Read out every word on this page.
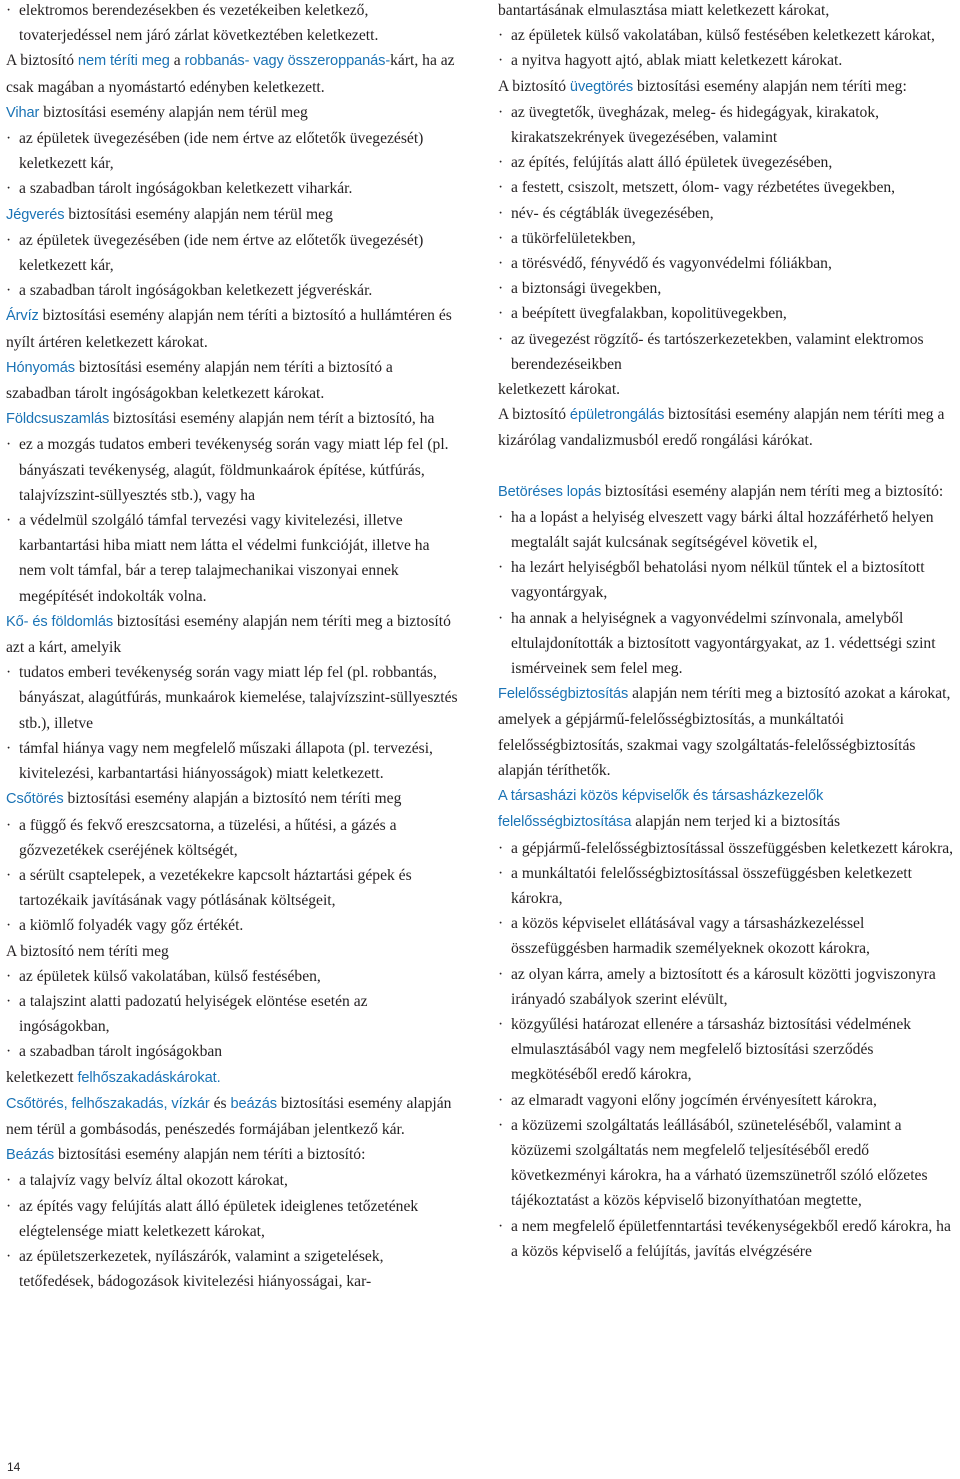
· elektromos berendezésekben és vezetékeiben keletkező, tovaterjedéssel nem járó zárlat következtében keletkezett.
A biztosító nem téríti meg a robbanás- vagy összeroppanás-kárt, ha az csak magában a nyomástartó edényben keletkezett.
Vihar biztosítási esemény alapján nem térül meg
· az épületek üvegezésében (ide nem értve az előtetők üvegezését) keletkezett kár,
· a szabadban tárolt ingóságokban keletkezett viharkár.
Jégverés biztosítási esemény alapján nem térül meg
· az épületek üvegezésében (ide nem értve az előtetők üvegezését) keletkezett kár,
· a szabadban tárolt ingóságokban keletkezett jégveréskár.
Árvíz biztosítási esemény alapján nem téríti a biztosító a hullámtéren és nyílt ártéren keletkezett károkat.
Hónyomás biztosítási esemény alapján nem téríti a biztosító a szabadban tárolt ingóságokban keletkezett károkat.
Földcsuszamlás biztosítási esemény alapján nem térít a biztosító, ha
· ez a mozgás tudatos emberi tevékenység során vagy miatt lép fel (pl. bányászati tevékenység, alagút, földmunkaárok építése, kútfúrás, talajvízszint-süllyesztés stb.), vagy ha
· a védelmül szolgáló támfal tervezési vagy kivitelezési, illetve karbantartási hiba miatt nem látta el védelmi funkcióját, illetve ha nem volt támfal, bár a terep talajmechanikai viszonyai ennek megépítését indokolták volna.
Kő- és földomlás biztosítási esemény alapján nem téríti meg a biztosító azt a kárt, amelyik
· tudatos emberi tevékenység során vagy miatt lép fel (pl. robbantás, bányászat, alagútfúrás, munkaárok kiemelése, talajvízszint-süllyesztés stb.), illetve
· támfal hiánya vagy nem megfelelő műszaki állapota (pl. tervezési, kivitelezési, karbantartási hiányosságok) miatt keletkezett.
Csőtörés biztosítási esemény alapján a biztosító nem téríti meg
· a függő és fekvő ereszcsatorna, a tüzelési, a hűtési, a gázés a gőzvezetékek cseréjének költségét,
· a sérült csaptelepek, a vezetékekre kapcsolt háztartási gépek és tartozékaik javításának vagy pótlásának költségeit,
· a kiömlő folyadék vagy gőz értékét.
A biztosító nem téríti meg
· az épületek külső vakolatában, külső festésében,
· a talajszint alatti padozatú helyiségek elöntése esetén az ingóságokban,
· a szabadban tárolt ingóságokban
keletkezett felhőszakadáskárokat.
Csőtörés, felhőszakadás, vízkár és beázás biztosítási esemény alapján nem térül a gombásodás, penészedés formájában jelentkező kár.
Beázás biztosítási esemény alapján nem téríti a biztosító:
· a talajvíz vagy belvíz által okozott károkat,
· az építés vagy felújítás alatt álló épületek ideiglenes tetőzetének elégtelensége miatt keletkezett károkat,
· az épületszerkezetek, nyílászárók, valamint a szigetelések, tetőfedések, bádogozások kivitelezési hiányosságai, kar-
bantartásának elmulasztása miatt keletkezett károkat,
· az épületek külső vakolatában, külső festésében keletkezett károkat,
· a nyitva hagyott ajtó, ablak miatt keletkezett károkat.
A biztosító üvegtörés biztosítási esemény alapján nem téríti meg:
· az üvegtetők, üvegházak, meleg- és hidegágyak, kirakatok, kirakatszekrények üvegezésében, valamint
· az építés, felújítás alatt álló épületek üvegezésében,
· a festett, csiszolt, metszett, ólom- vagy rézbetétes üvegekben,
· név- és cégtáblák üvegezésében,
· a tükörfelületekben,
· a törésvédő, fényvédő és vagyonvédelmi fóliákban,
· a biztonsági üvegekben,
· a beépített üvegfalakban, kopolitüvegekben,
· az üvegezést rögzítő- és tartószerkezetekben, valamint elektromos berendezéseikben
keletkezett károkat.
A biztosító épületrongálás biztosítási esemény alapján nem téríti meg a kizárólag vandalizmusból eredő rongálási kárókat.
Betöréses lopás biztosítási esemény alapján nem téríti meg a biztosító:
· ha a lopást a helyiség elveszett vagy bárki által hozzáférhető helyen megtalált saját kulcsának segítségével követik el,
· ha lezárt helyiségből behatolási nyom nélkül tűntek el a biztosított vagyontárgyak,
· ha annak a helyiségnek a vagyonvédelmi színvonala, amelyből eltulajdonították a biztosított vagyontárgyakat, az 1. védettségi szint ismérveinek sem felel meg.
Felelősségbiztosítás alapján nem téríti meg a biztosító azokat a károkat, amelyek a gépjármű-felelősségbiztosítás, a munkáltatói felelősségbiztosítás, szakmai vagy szolgáltatás-felelősségbiztosítás alapján téríthetők.
A társasházi közös képviselők és társasházkezelők felelősségbiztosítása alapján nem terjed ki a biztosítás
· a gépjármű-felelősségbiztosítással összefüggésben keletkezett károkra,
· a munkáltatói felelősségbiztosítással összefüggésben keletkezett károkra,
· a közös képviselet ellátásával vagy a társasházkezeléssel összefüggésben harmadik személyeknek okozott károkra,
· az olyan kárra, amely a biztosított és a károsult közötti jogviszonyra irányadó szabályok szerint elévült,
· közgyűlési határozat ellenére a társasház biztosítási védelmének elmulasztásából vagy nem megfelelő biztosítási szerződés megkötéséből eredő károkra,
· az elmaradt vagyoni előny jogcímén érvényesített károkra,
· a közüzemi szolgáltatás leállásából, szüneteléséből, valamint a közüzemi szolgáltatás nem megfelelő teljesítéséből eredő következményi károkra, ha a várható üzemszünetről szóló előzetes tájékoztatást a közös képviselő bizonyíthatóan megtette,
· a nem megfelelő épületfenntartási tevékenységekből eredő károkra, ha a közös képviselő a felújítás, javítás elvégzésére
14
